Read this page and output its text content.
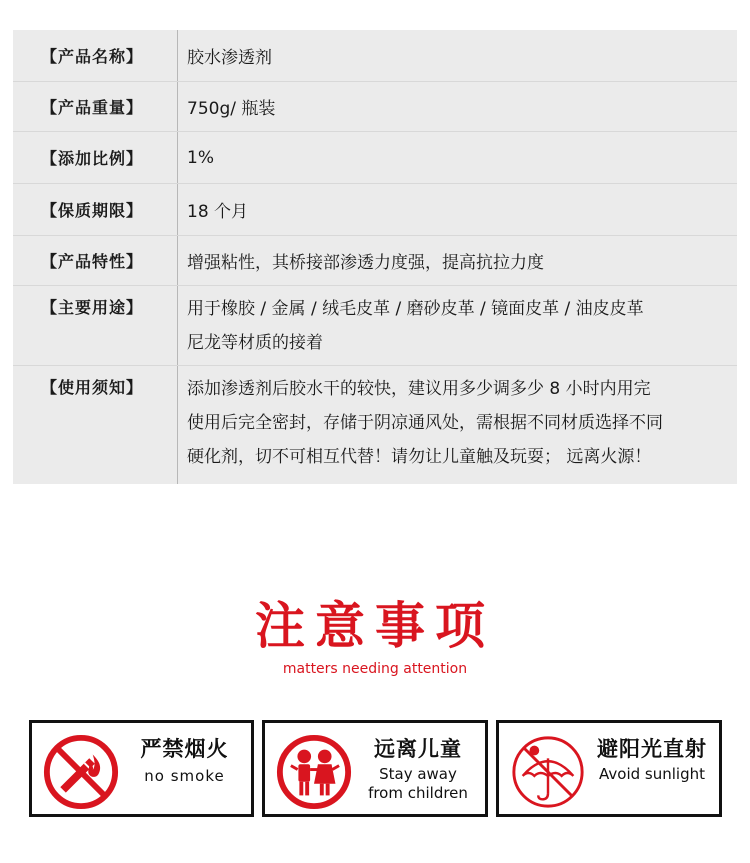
【产品名称】	胶水渗透剂
【产品重量】	750g/ 瓶装
【添加比例】	1%
【保质期限】	18 个月
【产品特性】	增强粘性，其桥接部渗透力度强，提高抗拉力度
【主要用途】	用于橡胶 / 金属 / 绒毛皮革 / 磨砂皮革 / 镜面皮革 / 油皮皮革
尼龙等材质的接着
【使用须知】	添加渗透剂后胶水干的较快，建议用多少调多少 8 小时内用完
使用后完全密封，存储于阴凉通风处，需根据不同材质选择不同
硬化剂，切不可相互代替！请勿让儿童触及玩耍； 远离火源！
注意事项
matters needing attention
严禁烟火
no smoke
远离儿童
Stay away
from children
避阳光直射
Avoid sunlight
